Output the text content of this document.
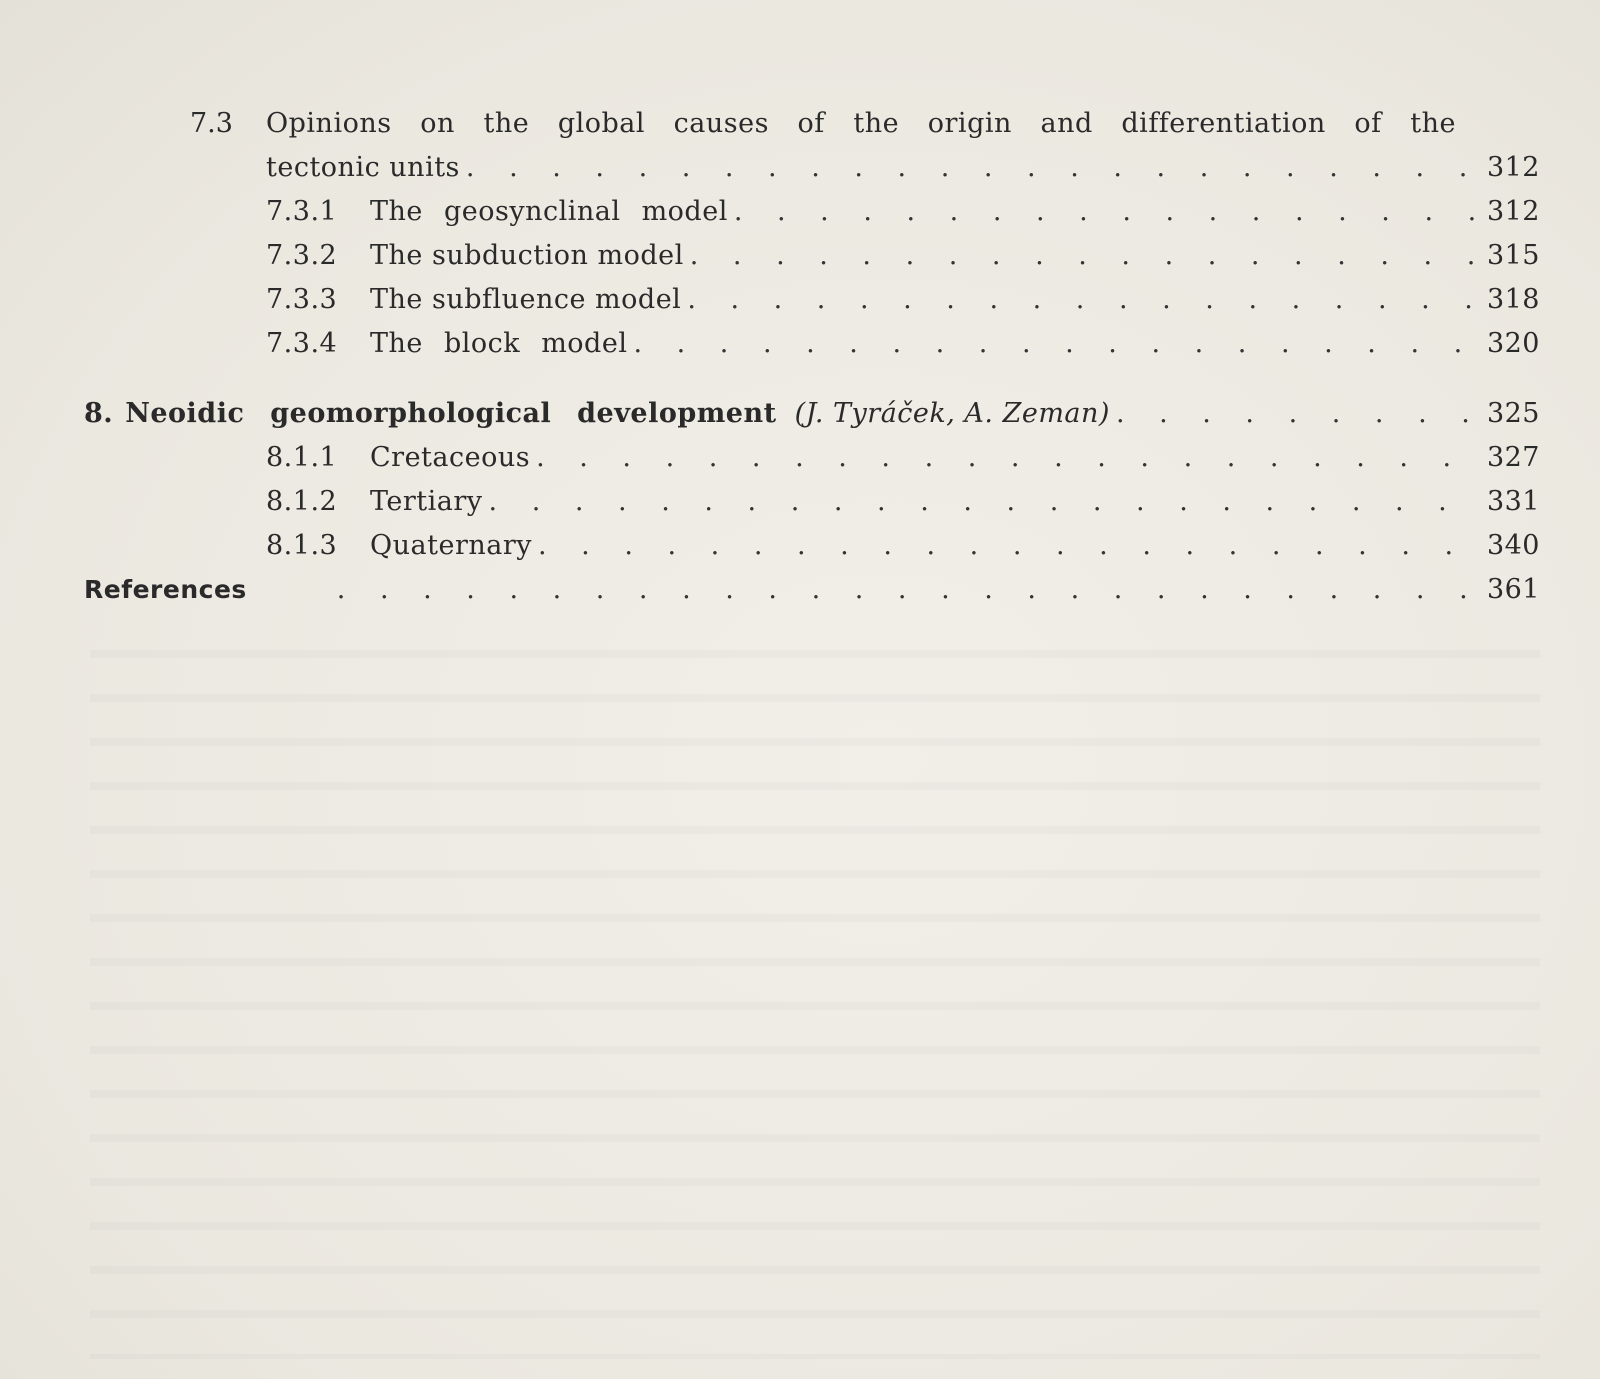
7.3 Opinions on the global causes of the origin and differentiation of the
tectonic units . . .	312
7.3.1	The geosynclinal model . . .	312
7.3.2	The subduction model . . .	315
7.3.3	The subfluence model . . .	318
7.3.4	The block model . . .	320
8. Neoidic geomorphological development (J. Tyráček, A. Zeman) . . .	325
8.1.1	Cretaceous . . .	327
8.1.2	Tertiary . . .	331
8.1.3	Quaternary . . .	340
References . . .	361
